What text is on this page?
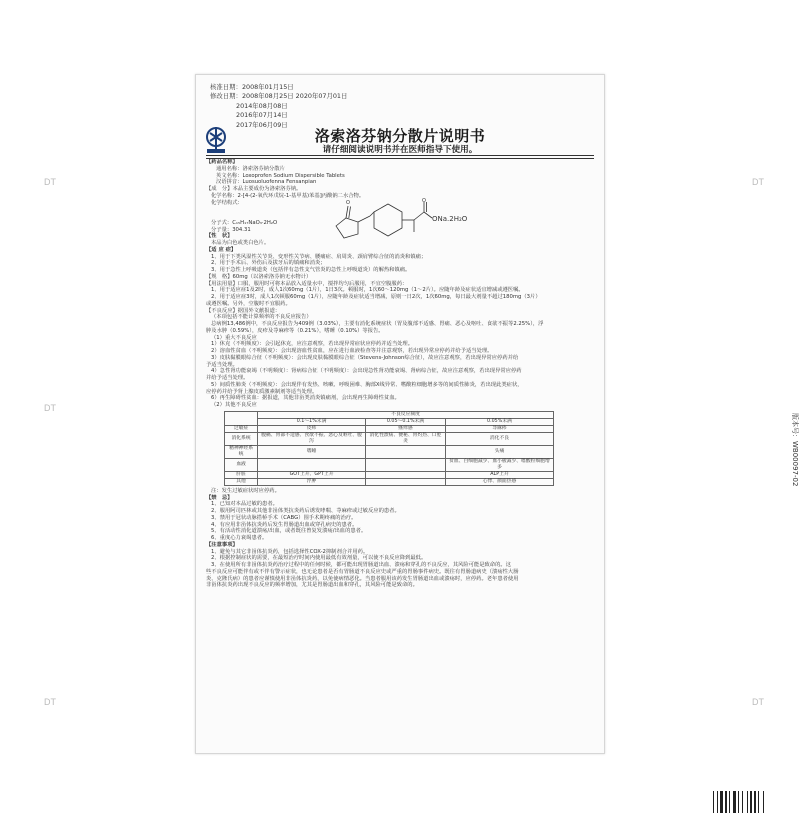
DT
DT
DT
DT
DT
核准日期：2008年01月15日
修改日期：2008年08月25日 2020年07月01日
2014年08月08日
2016年07月14日
2017年06月09日
洛索洛芬钠分散片说明书
请仔细阅读说明书并在医师指导下使用。
O	O
ONa.2H₂O

【药品名称】

通用名称：洛索洛芬钠分散片

英文名称：Loxoprofen Sodium Dispersible Tablets

汉语拼音：Luosuoluofenna Fensanpian

【成　分】本品主要成份为洛索洛芬钠。

化学名称：2-[4-(2-氧代环戊烷-1-基甲基)苯基]丙酸钠二水合物。

化学结构式：

分子式：C₁₅H₁₇NaO₃·2H₂O

分子量：304.31

【性　状】

本品为白色或类白色片。

【适 应 症】

1、用于下类风湿性关节炎、变形性关节病、腰痛症、肩周炎、颈肩臂综合征的消炎和镇痛；

2、用于手术后、外伤后及拔牙后的镇痛和消炎；

3、用于急性上呼吸道炎（包括伴有急性支气管炎的急性上呼吸道炎）的解热和镇痛。

【规　格】60mg（以洛索洛芬钠无水物计）

【用法用量】口服，服用时可将本品放入适量水中，搅拌均匀后服用，不宜空腹服药：

1、用于适应症1及2时，成人1次60mg（1片），1日3次。顿服时，1次60～120mg（1～2片）。应随年龄及症状适宜增减或遵医嘱。

2、用于适应症3时，成人1次顿服60mg（1片），应随年龄及症状适当增减，原则一日2次，1次60mg，每日最大剂量不超过180mg（3片）

或遵医嘱。另外，空腹时不宜服药。

【不良反应】据国外文献报道：

（本项包括不能计算频率的不良反应报告）

总病例13,486例中，不良反应报告为409例（3.03%），主要有消化系统症状（胃及腹部不适感、胃痛、恶心及呕吐、食欲不振等2.25%），浮

肿及水肿（0.59%），皮疹及荨麻疹等（0.21%），嗜睡（0.10%）等报告。

（1）重大不良反应

1）休克（不明频度）：会引起休克，应注意观察，若出现异常症状应停药并适当处理。

2）溶血性贫血（不明频度）：会出现溶血性贫血，应在进行血液检查等并注意观察，若出现异常应停药并给予适当处理。

3）皮肤黏膜眼综合征（不明频度）：会出现皮肤黏膜眼综合征（Stevens-Johnson综合征），故应注意观察，若出现异常应停药并给

予适当处理。

4）急性肾功能衰竭（不明频度）：肾病综合征（不明频度）：会出现急性肾功能衰竭、肾病综合征，故应注意观察，若出现异常应停药

并给予适当处理。

5）间质性肺炎（不明频度）：会出现伴有发热、咳嗽、呼吸困难、胸部X线异常、嗜酸粒细胞增多等的间质性肺炎，若出现此类症状，

应停药并给予肾上腺皮质激素制剂等适当处理。

6）再生障碍性贫血：据报道，其他非甾类消炎镇痛剂，会出现再生障碍性贫血。

（2）其他不良反应

	不良反应频度		
	0.1～1%未满	0.05～0.1%未满	0.05%未满
过敏症	皮疹	瘙痒感	荨麻疹
消化系统	腹痛、胃部不适感、食欲不振、恶心及呕吐、腹泻	消化性溃疡、便秘、胃灼热、口腔炎	消化不良
精神神经系统	嗜睡		头痛
血液			贫血、白细胞减少、血小板减少、嗜酸粒细胞增多
肝脏	GOT上升、GPT上升		ALP上升
其他	浮肿		心悸、颜面热感

注：发生过敏症状时应停药。

【禁　忌】

1、已知对本品过敏的患者。

2、服用阿司匹林或其他非甾体类抗炎药后诱发哮喘、荨麻疹或过敏反应的患者。

3、禁用于冠状动脉搭桥手术（CABG）围手术期疼痛的治疗。

4、有应用非甾体抗炎药后发生胃肠道出血或穿孔病史的患者。

5、有活动性消化道溃疡/出血，或者既往曾复发溃疡/出血的患者。

6、重度心力衰竭患者。

【注意事项】

1、避免与其它非甾体抗炎药，包括选择性COX-2抑制剂合并用药。

2、根据控制症状的需要，在最短治疗时间内使用最低有效剂量，可以使不良反应降到最低。

3、在使用所有非甾体抗炎药治疗过程中的任何时候，都可能出现胃肠道出血、溃疡和穿孔的不良反应，其风险可能是致命的。这

些不良反应可能伴有或不伴有警示症状，也无论患者是否有胃肠道不良反应史或严重的胃肠事件病史。既往有胃肠道病史（溃疡性大肠

炎、克隆氏病）的患者应谨慎使用非甾体抗炎药，以免使病情恶化。当患者服用该药发生胃肠道出血或溃疡时，应停药。老年患者使用

非甾体抗炎药出现不良反应的频率增加，尤其是胃肠道出血和穿孔，其风险可能是致命的。

版本号：WB00097-02
